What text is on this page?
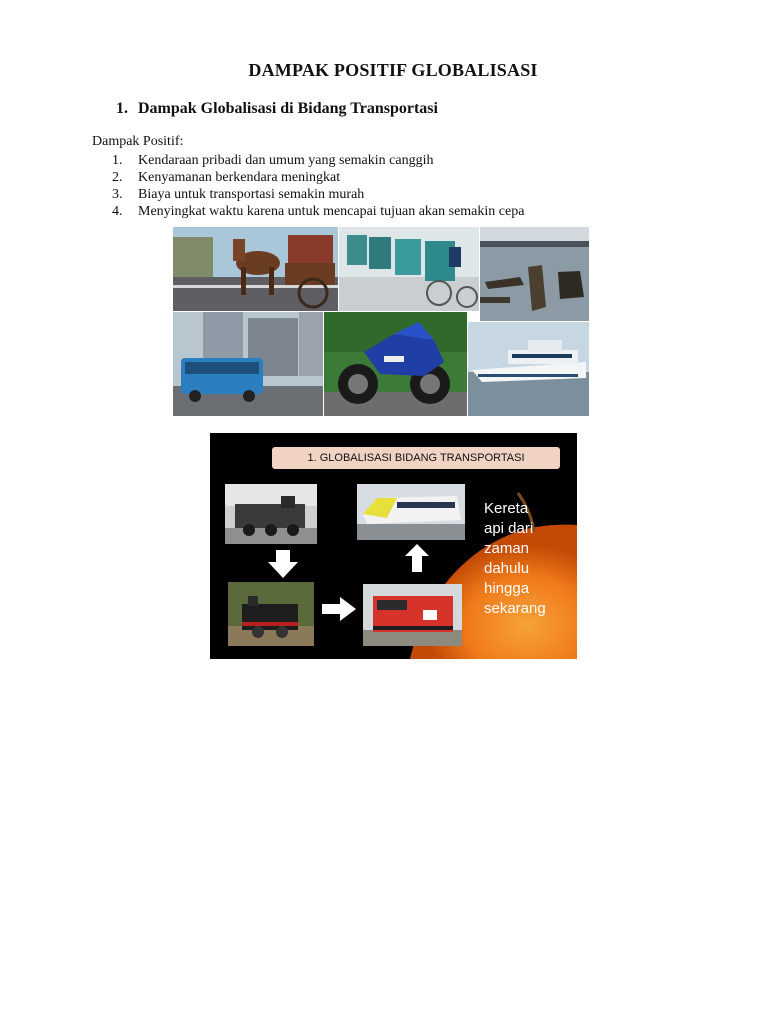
DAMPAK POSITIF GLOBALISASI
1. Dampak Globalisasi di Bidang Transportasi
Dampak Positif:
1. Kendaraan pribadi dan umum yang semakin canggih
2. Kenyamanan berkendara meningkat
3. Biaya untuk transportasi semakin murah
4. Menyingkat waktu karena untuk mencapai tujuan akan semakin cepa
1. GLOBALISASI BIDANG TRANSPORTASI
Kereta
api dari
zaman
dahulu
hingga
sekarang
